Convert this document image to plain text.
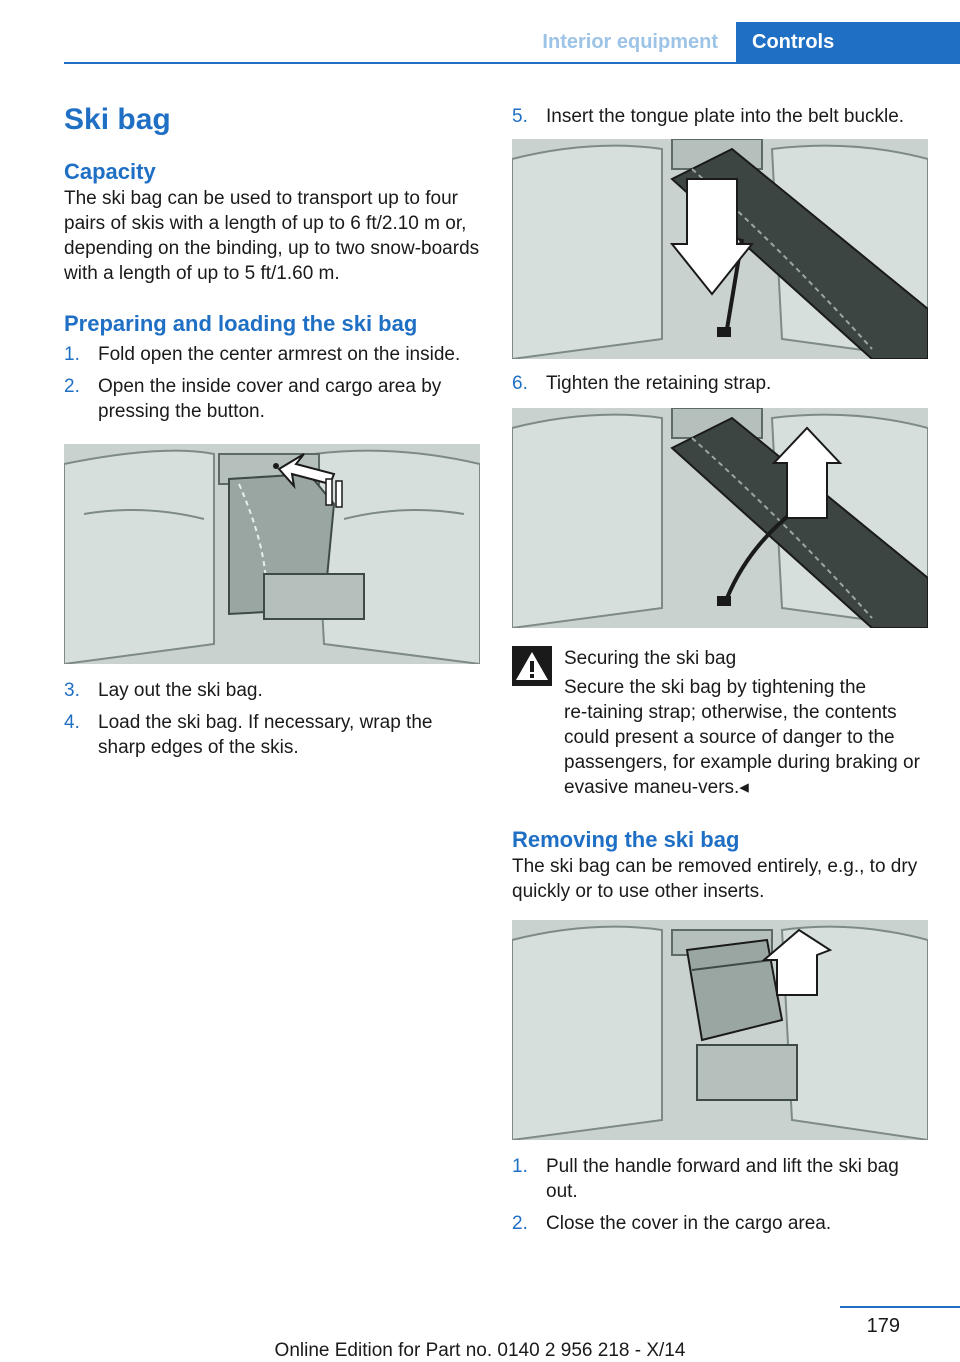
Interior equipment	Controls
Ski bag
Capacity

The ski bag can be used to transport up to four pairs of skis with a length of up to 6 ft/2.10 m or, depending on the binding, up to two snow‑boards with a length of up to 5 ft/1.60 m.

Preparing and loading the ski bag
1. Fold open the center armrest on the inside.
2. Open the inside cover and cargo area by pressing the button.
3. Lay out the ski bag.
4. Load the ski bag. If necessary, wrap the sharp edges of the skis.
5. Insert the tongue plate into the belt buckle.
6. Tighten the retaining strap.

Securing the ski bag

Secure the ski bag by tightening the re‑taining strap; otherwise, the contents could present a source of danger to the passengers, for example during braking or evasive maneu‑vers.◂

Removing the ski bag

The ski bag can be removed entirely, e.g., to dry quickly or to use other inserts.

1. Pull the handle forward and lift the ski bag out.
2. Close the cover in the cargo area.
179
Online Edition for Part no. 0140 2 956 218 - X/14
